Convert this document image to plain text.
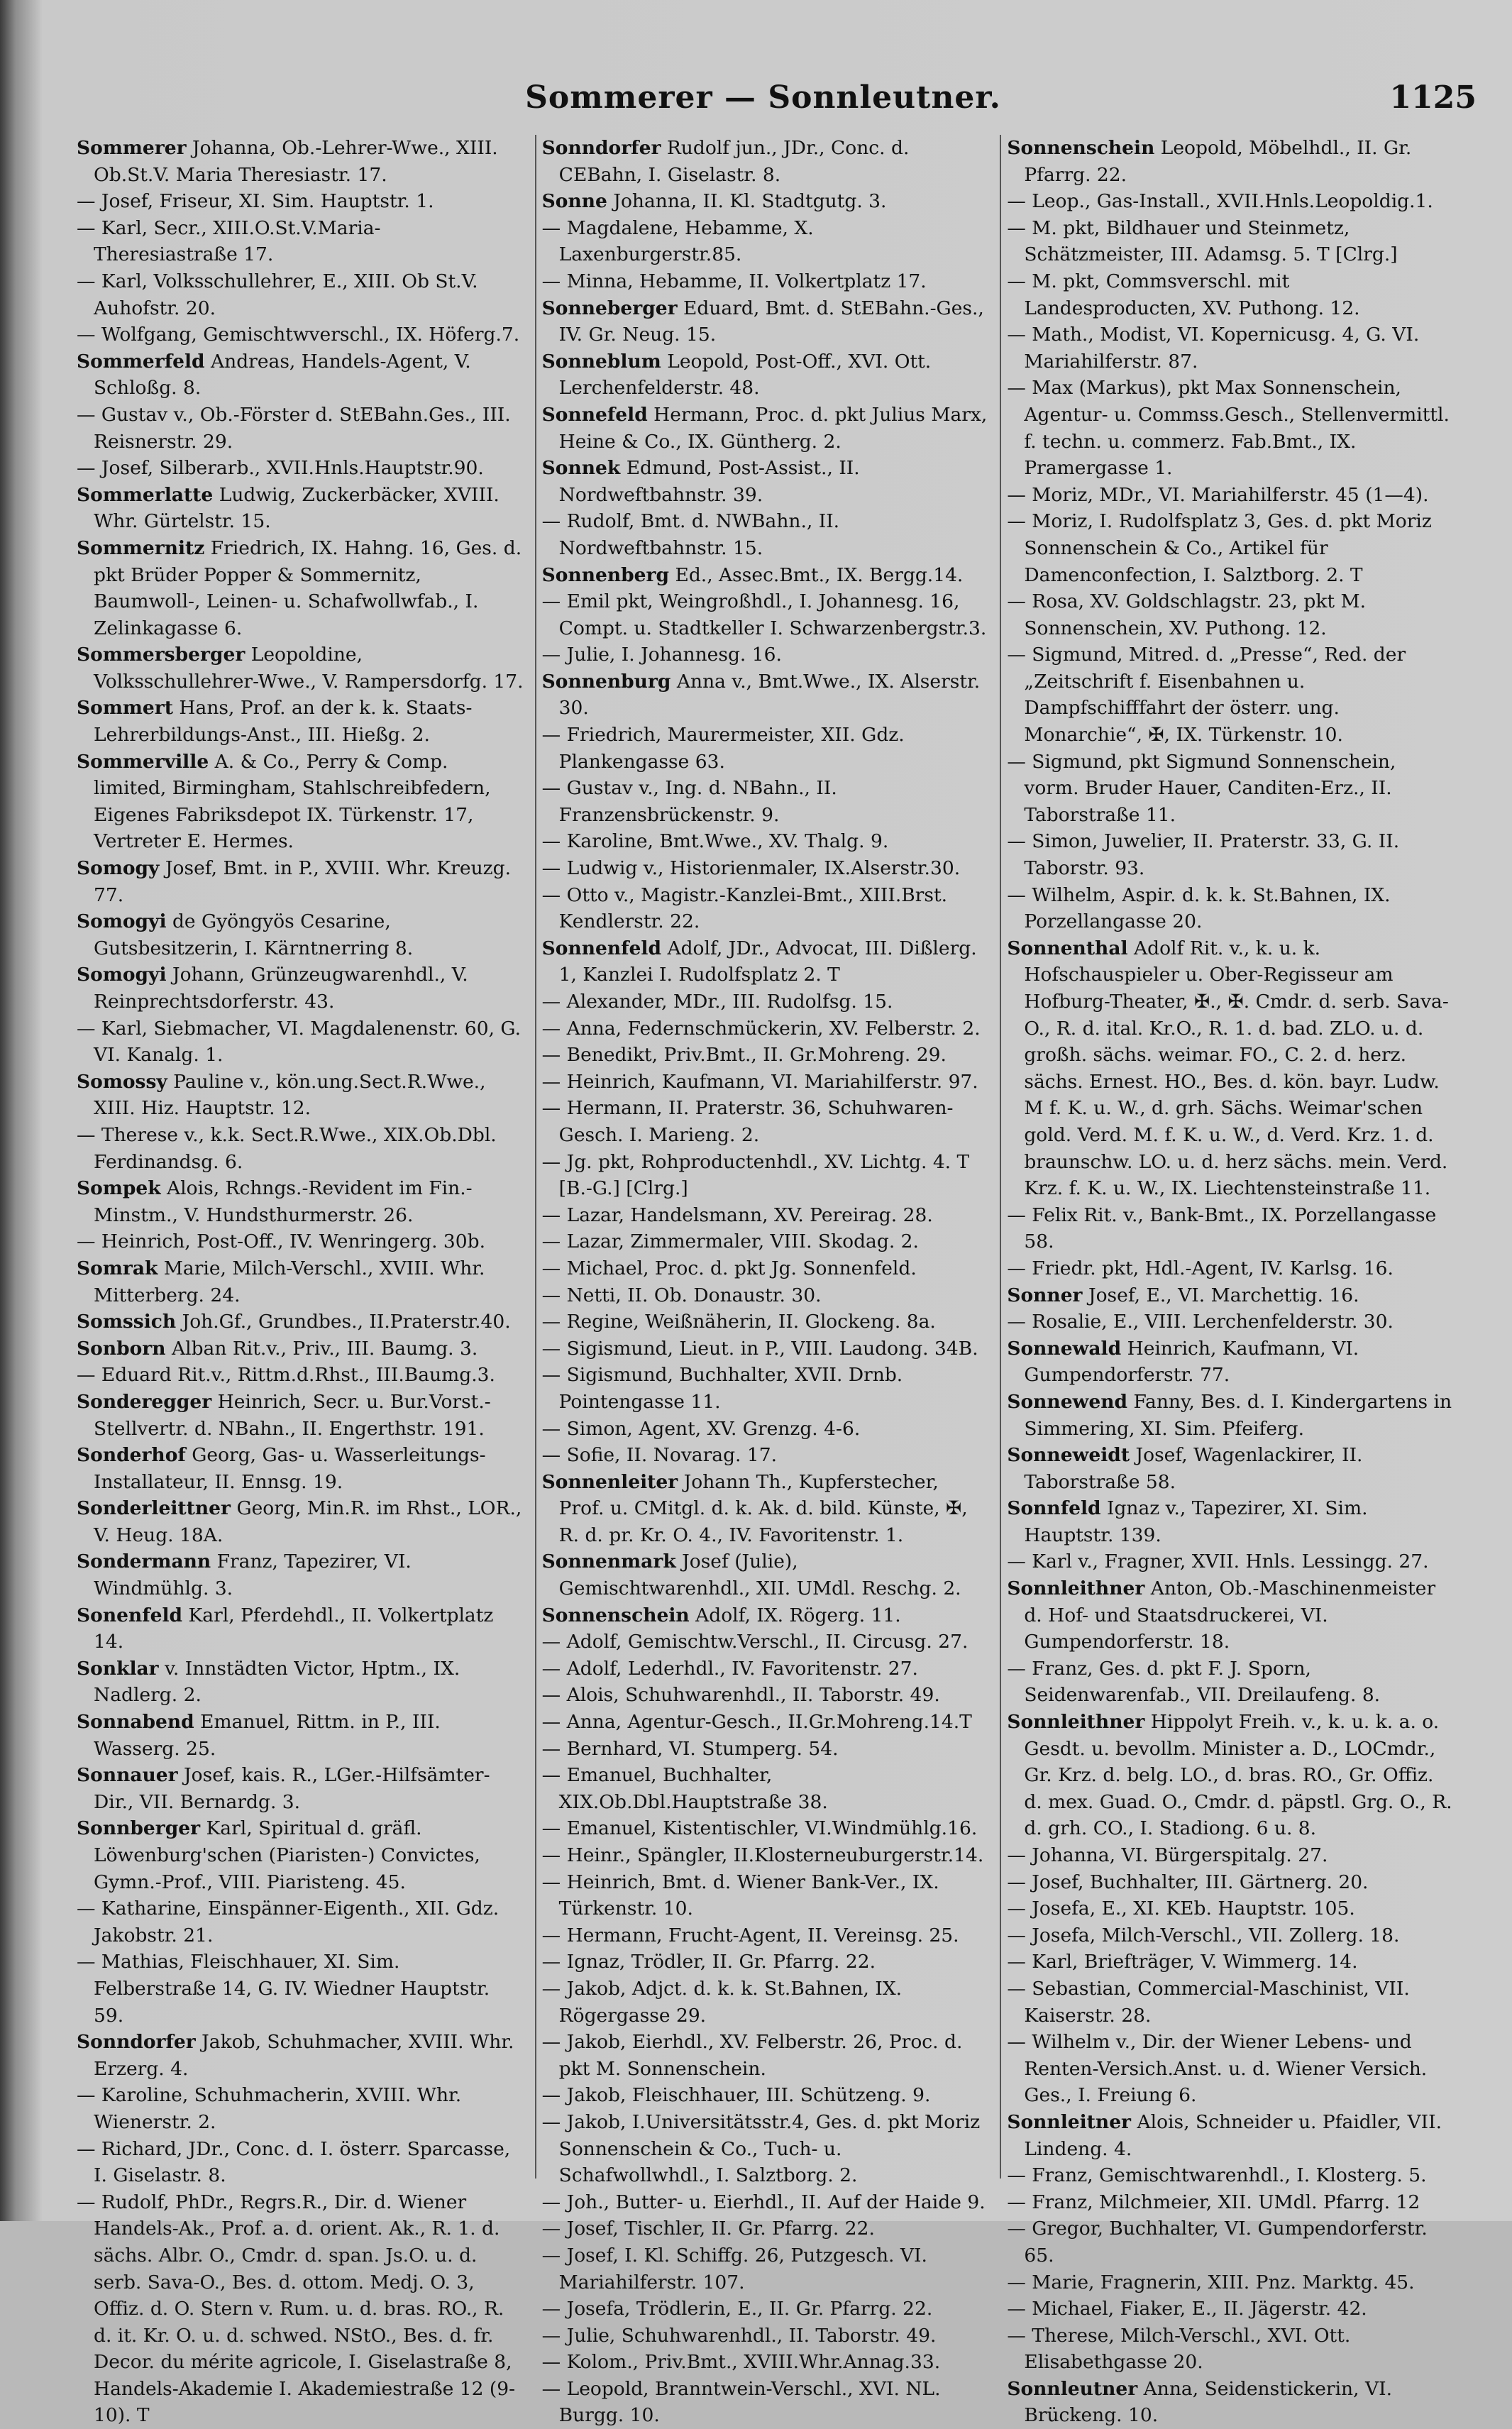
Sommerer — Sonnleutner.	1125

Sommerer Johanna, Ob.-Lehrer-Wwe., XIII. Ob.St.V. Maria Theresiastr. 17.

— Josef, Friseur, XI. Sim. Hauptstr. 1.

— Karl, Secr., XIII.O.St.V.Maria-Theresiastraße 17.

— Karl, Volksschullehrer, E., XIII. Ob St.V. Auhofstr. 20.

— Wolfgang, Gemischtwverschl., IX. Höferg.7.

Sommerfeld Andreas, Handels-Agent, V. Schloßg. 8.

— Gustav v., Ob.-Förster d. StEBahn.Ges., III. Reisnerstr. 29.

— Josef, Silberarb., XVII.Hnls.Hauptstr.90.

Sommerlatte Ludwig, Zuckerbäcker, XVIII. Whr. Gürtelstr. 15.

Sommernitz Friedrich, IX. Hahng. 16, Ges. d. pkt Brüder Popper & Sommernitz, Baumwoll-, Leinen- u. Schafwollwfab., I. Zelinkagasse 6.

Sommersberger Leopoldine, Volksschullehrer-Wwe., V. Rampersdorfg. 17.

Sommert Hans, Prof. an der k. k. Staats-Lehrerbildungs-Anst., III. Hießg. 2.

Sommerville A. & Co., Perry & Comp. limited, Birmingham, Stahlschreibfedern, Eigenes Fabriksdepot IX. Türkenstr. 17, Vertreter E. Hermes.

Somogy Josef, Bmt. in P., XVIII. Whr. Kreuzg. 77.

Somogyi de Gyöngyös Cesarine, Gutsbesitzerin, I. Kärntnerring 8.

Somogyi Johann, Grünzeugwarenhdl., V. Reinprechtsdorferstr. 43.

— Karl, Siebmacher, VI. Magdalenenstr. 60, G. VI. Kanalg. 1.

Somossy Pauline v., kön.ung.Sect.R.Wwe., XIII. Hiz. Hauptstr. 12.

— Therese v., k.k. Sect.R.Wwe., XIX.Ob.Dbl. Ferdinandsg. 6.

Sompek Alois, Rchngs.-Revident im Fin.-Minstm., V. Hundsthurmerstr. 26.

— Heinrich, Post-Off., IV. Wenringerg. 30b.

Somrak Marie, Milch-Verschl., XVIII. Whr. Mitterberg. 24.

Somssich Joh.Gf., Grundbes., II.Praterstr.40.

Sonborn Alban Rit.v., Priv., III. Baumg. 3.

— Eduard Rit.v., Rittm.d.Rhst., III.Baumg.3.

Sonderegger Heinrich, Secr. u. Bur.Vorst.-Stellvertr. d. NBahn., II. Engerthstr. 191.

Sonderhof Georg, Gas- u. Wasserleitungs-Installateur, II. Ennsg. 19.

Sonderleittner Georg, Min.R. im Rhst., LOR., V. Heug. 18A.

Sondermann Franz, Tapezirer, VI. Windmühlg. 3.

Sonenfeld Karl, Pferdehdl., II. Volkertplatz 14.

Sonklar v. Innstädten Victor, Hptm., IX. Nadlerg. 2.

Sonnabend Emanuel, Rittm. in P., III. Wasserg. 25.

Sonnauer Josef, kais. R., LGer.-Hilfsämter-Dir., VII. Bernardg. 3.

Sonnberger Karl, Spiritual d. gräfl. Löwenburg'schen (Piaristen-) Convictes, Gymn.-Prof., VIII. Piaristeng. 45.

— Katharine, Einspänner-Eigenth., XII. Gdz. Jakobstr. 21.

— Mathias, Fleischhauer, XI. Sim. Felberstraße 14, G. IV. Wiedner Hauptstr. 59.

Sonndorfer Jakob, Schuhmacher, XVIII. Whr. Erzerg. 4.

— Karoline, Schuhmacherin, XVIII. Whr. Wienerstr. 2.

— Richard, JDr., Conc. d. I. österr. Sparcasse, I. Giselastr. 8.

— Rudolf, PhDr., Regrs.R., Dir. d. Wiener Handels-Ak., Prof. a. d. orient. Ak., R. 1. d. sächs. Albr. O., Cmdr. d. span. Js.O. u. d. serb. Sava-O., Bes. d. ottom. Medj. O. 3, Offiz. d. O. Stern v. Rum. u. d. bras. RO., R. d. it. Kr. O. u. d. schwed. NStO., Bes. d. fr. Decor. du mérite agricole, I. Giselastraße 8, Handels-Akademie I. Akademiestraße 12 (9-10). T

Sonndorfer Rudolf jun., JDr., Conc. d. CEBahn, I. Giselastr. 8.

Sonne Johanna, II. Kl. Stadtgutg. 3.

— Magdalene, Hebamme, X. Laxenburgerstr.85.

— Minna, Hebamme, II. Volkertplatz 17.

Sonneberger Eduard, Bmt. d. StEBahn.-Ges., IV. Gr. Neug. 15.

Sonneblum Leopold, Post-Off., XVI. Ott. Lerchenfelderstr. 48.

Sonnefeld Hermann, Proc. d. pkt Julius Marx, Heine & Co., IX. Güntherg. 2.

Sonnek Edmund, Post-Assist., II. Nordweftbahnstr. 39.

— Rudolf, Bmt. d. NWBahn., II. Nordweftbahnstr. 15.

Sonnenberg Ed., Assec.Bmt., IX. Bergg.14.

— Emil pkt, Weingroßhdl., I. Johannesg. 16, Compt. u. Stadtkeller I. Schwarzenbergstr.3.

— Julie, I. Johannesg. 16.

Sonnenburg Anna v., Bmt.Wwe., IX. Alserstr. 30.

— Friedrich, Maurermeister, XII. Gdz. Plankengasse 63.

— Gustav v., Ing. d. NBahn., II. Franzensbrückenstr. 9.

— Karoline, Bmt.Wwe., XV. Thalg. 9.

— Ludwig v., Historienmaler, IX.Alserstr.30.

— Otto v., Magistr.-Kanzlei-Bmt., XIII.Brst. Kendlerstr. 22.

Sonnenfeld Adolf, JDr., Advocat, III. Dißlerg. 1, Kanzlei I. Rudolfsplatz 2. T

— Alexander, MDr., III. Rudolfsg. 15.

— Anna, Federnschmückerin, XV. Felberstr. 2.

— Benedikt, Priv.Bmt., II. Gr.Mohreng. 29.

— Heinrich, Kaufmann, VI. Mariahilferstr. 97.

— Hermann, II. Praterstr. 36, Schuhwaren-Gesch. I. Marieng. 2.

— Jg. pkt, Rohproductenhdl., XV. Lichtg. 4. T [B.-G.] [Clrg.]

— Lazar, Handelsmann, XV. Pereirag. 28.

— Lazar, Zimmermaler, VIII. Skodag. 2.

— Michael, Proc. d. pkt Jg. Sonnenfeld.

— Netti, II. Ob. Donaustr. 30.

— Regine, Weißnäherin, II. Glockeng. 8a.

— Sigismund, Lieut. in P., VIII. Laudong. 34B.

— Sigismund, Buchhalter, XVII. Drnb. Pointengasse 11.

— Simon, Agent, XV. Grenzg. 4-6.

— Sofie, II. Novarag. 17.

Sonnenleiter Johann Th., Kupferstecher, Prof. u. CMitgl. d. k. Ak. d. bild. Künste, ✠, R. d. pr. Kr. O. 4., IV. Favoritenstr. 1.

Sonnenmark Josef (Julie), Gemischtwarenhdl., XII. UMdl. Reschg. 2.

Sonnenschein Adolf, IX. Rögerg. 11.

— Adolf, Gemischtw.Verschl., II. Circusg. 27.

— Adolf, Lederhdl., IV. Favoritenstr. 27.

— Alois, Schuhwarenhdl., II. Taborstr. 49.

— Anna, Agentur-Gesch., II.Gr.Mohreng.14.T

— Bernhard, VI. Stumperg. 54.

— Emanuel, Buchhalter, XIX.Ob.Dbl.Hauptstraße 38.

— Emanuel, Kistentischler, VI.Windmühlg.16.

— Heinr., Spängler, II.Klosterneuburgerstr.14.

— Heinrich, Bmt. d. Wiener Bank-Ver., IX. Türkenstr. 10.

— Hermann, Frucht-Agent, II. Vereinsg. 25.

— Ignaz, Trödler, II. Gr. Pfarrg. 22.

— Jakob, Adjct. d. k. k. St.Bahnen, IX. Rögergasse 29.

— Jakob, Eierhdl., XV. Felberstr. 26, Proc. d. pkt M. Sonnenschein.

— Jakob, Fleischhauer, III. Schützeng. 9.

— Jakob, I.Universitätsstr.4, Ges. d. pkt Moriz Sonnenschein & Co., Tuch- u. Schafwollwhdl., I. Salztborg. 2.

— Joh., Butter- u. Eierhdl., II. Auf der Haide 9.

— Josef, Tischler, II. Gr. Pfarrg. 22.

— Josef, I. Kl. Schiffg. 26, Putzgesch. VI. Mariahilferstr. 107.

— Josefa, Trödlerin, E., II. Gr. Pfarrg. 22.

— Julie, Schuhwarenhdl., II. Taborstr. 49.

— Kolom., Priv.Bmt., XVIII.Whr.Annag.33.

— Leopold, Branntwein-Verschl., XVI. NL. Burgg. 10.

Sonnenschein Leopold, Möbelhdl., II. Gr. Pfarrg. 22.

— Leop., Gas-Install., XVII.Hnls.Leopoldig.1.

— M. pkt, Bildhauer und Steinmetz, Schätzmeister, III. Adamsg. 5. T [Clrg.]

— M. pkt, Commsverschl. mit Landesproducten, XV. Puthong. 12.

— Math., Modist, VI. Kopernicusg. 4, G. VI. Mariahilferstr. 87.

— Max (Markus), pkt Max Sonnenschein, Agentur- u. Commss.Gesch., Stellenvermittl. f. techn. u. commerz. Fab.Bmt., IX. Pramergasse 1.

— Moriz, MDr., VI. Mariahilferstr. 45 (1—4).

— Moriz, I. Rudolfsplatz 3, Ges. d. pkt Moriz Sonnenschein & Co., Artikel für Damenconfection, I. Salztborg. 2. T

— Rosa, XV. Goldschlagstr. 23, pkt M. Sonnenschein, XV. Puthong. 12.

— Sigmund, Mitred. d. „Presse“, Red. der „Zeitschrift f. Eisenbahnen u. Dampfschifffahrt der österr. ung. Monarchie“, ✠, IX. Türkenstr. 10.

— Sigmund, pkt Sigmund Sonnenschein, vorm. Bruder Hauer, Canditen-Erz., II. Taborstraße 11.

— Simon, Juwelier, II. Praterstr. 33, G. II. Taborstr. 93.

— Wilhelm, Aspir. d. k. k. St.Bahnen, IX. Porzellangasse 20.

Sonnenthal Adolf Rit. v., k. u. k. Hofschauspieler u. Ober-Regisseur am Hofburg-Theater, ✠., ✠. Cmdr. d. serb. Sava-O., R. d. ital. Kr.O., R. 1. d. bad. ZLO. u. d. großh. sächs. weimar. FO., C. 2. d. herz. sächs. Ernest. HO., Bes. d. kön. bayr. Ludw. M f. K. u. W., d. grh. Sächs. Weimar'schen gold. Verd. M. f. K. u. W., d. Verd. Krz. 1. d. braunschw. LO. u. d. herz sächs. mein. Verd. Krz. f. K. u. W., IX. Liechtensteinstraße 11.

— Felix Rit. v., Bank-Bmt., IX. Porzellangasse 58.

— Friedr. pkt, Hdl.-Agent, IV. Karlsg. 16.

Sonner Josef, E., VI. Marchettig. 16.

— Rosalie, E., VIII. Lerchenfelderstr. 30.

Sonnewald Heinrich, Kaufmann, VI. Gumpendorferstr. 77.

Sonnewend Fanny, Bes. d. I. Kindergartens in Simmering, XI. Sim. Pfeiferg.

Sonneweidt Josef, Wagenlackirer, II. Taborstraße 58.

Sonnfeld Ignaz v., Tapezirer, XI. Sim. Hauptstr. 139.

— Karl v., Fragner, XVII. Hnls. Lessingg. 27.

Sonnleithner Anton, Ob.-Maschinenmeister d. Hof- und Staatsdruckerei, VI. Gumpendorferstr. 18.

— Franz, Ges. d. pkt F. J. Sporn, Seidenwarenfab., VII. Dreilaufeng. 8.

Sonnleithner Hippolyt Freih. v., k. u. k. a. o. Gesdt. u. bevollm. Minister a. D., LOCmdr., Gr. Krz. d. belg. LO., d. bras. RO., Gr. Offiz. d. mex. Guad. O., Cmdr. d. päpstl. Grg. O., R. d. grh. CO., I. Stadiong. 6 u. 8.

— Johanna, VI. Bürgerspitalg. 27.

— Josef, Buchhalter, III. Gärtnerg. 20.

— Josefa, E., XI. KEb. Hauptstr. 105.

— Josefa, Milch-Verschl., VII. Zollerg. 18.

— Karl, Briefträger, V. Wimmerg. 14.

— Sebastian, Commercial-Maschinist, VII. Kaiserstr. 28.

— Wilhelm v., Dir. der Wiener Lebens- und Renten-Versich.Anst. u. d. Wiener Versich. Ges., I. Freiung 6.

Sonnleitner Alois, Schneider u. Pfaidler, VII. Lindeng. 4.

— Franz, Gemischtwarenhdl., I. Klosterg. 5.

— Franz, Milchmeier, XII. UMdl. Pfarrg. 12

— Gregor, Buchhalter, VI. Gumpendorferstr. 65.

— Marie, Fragnerin, XIII. Pnz. Marktg. 45.

— Michael, Fiaker, E., II. Jägerstr. 42.

— Therese, Milch-Verschl., XVI. Ott. Elisabethgasse 20.

Sonnleutner Anna, Seidenstickerin, VI. Brückeng. 10.
